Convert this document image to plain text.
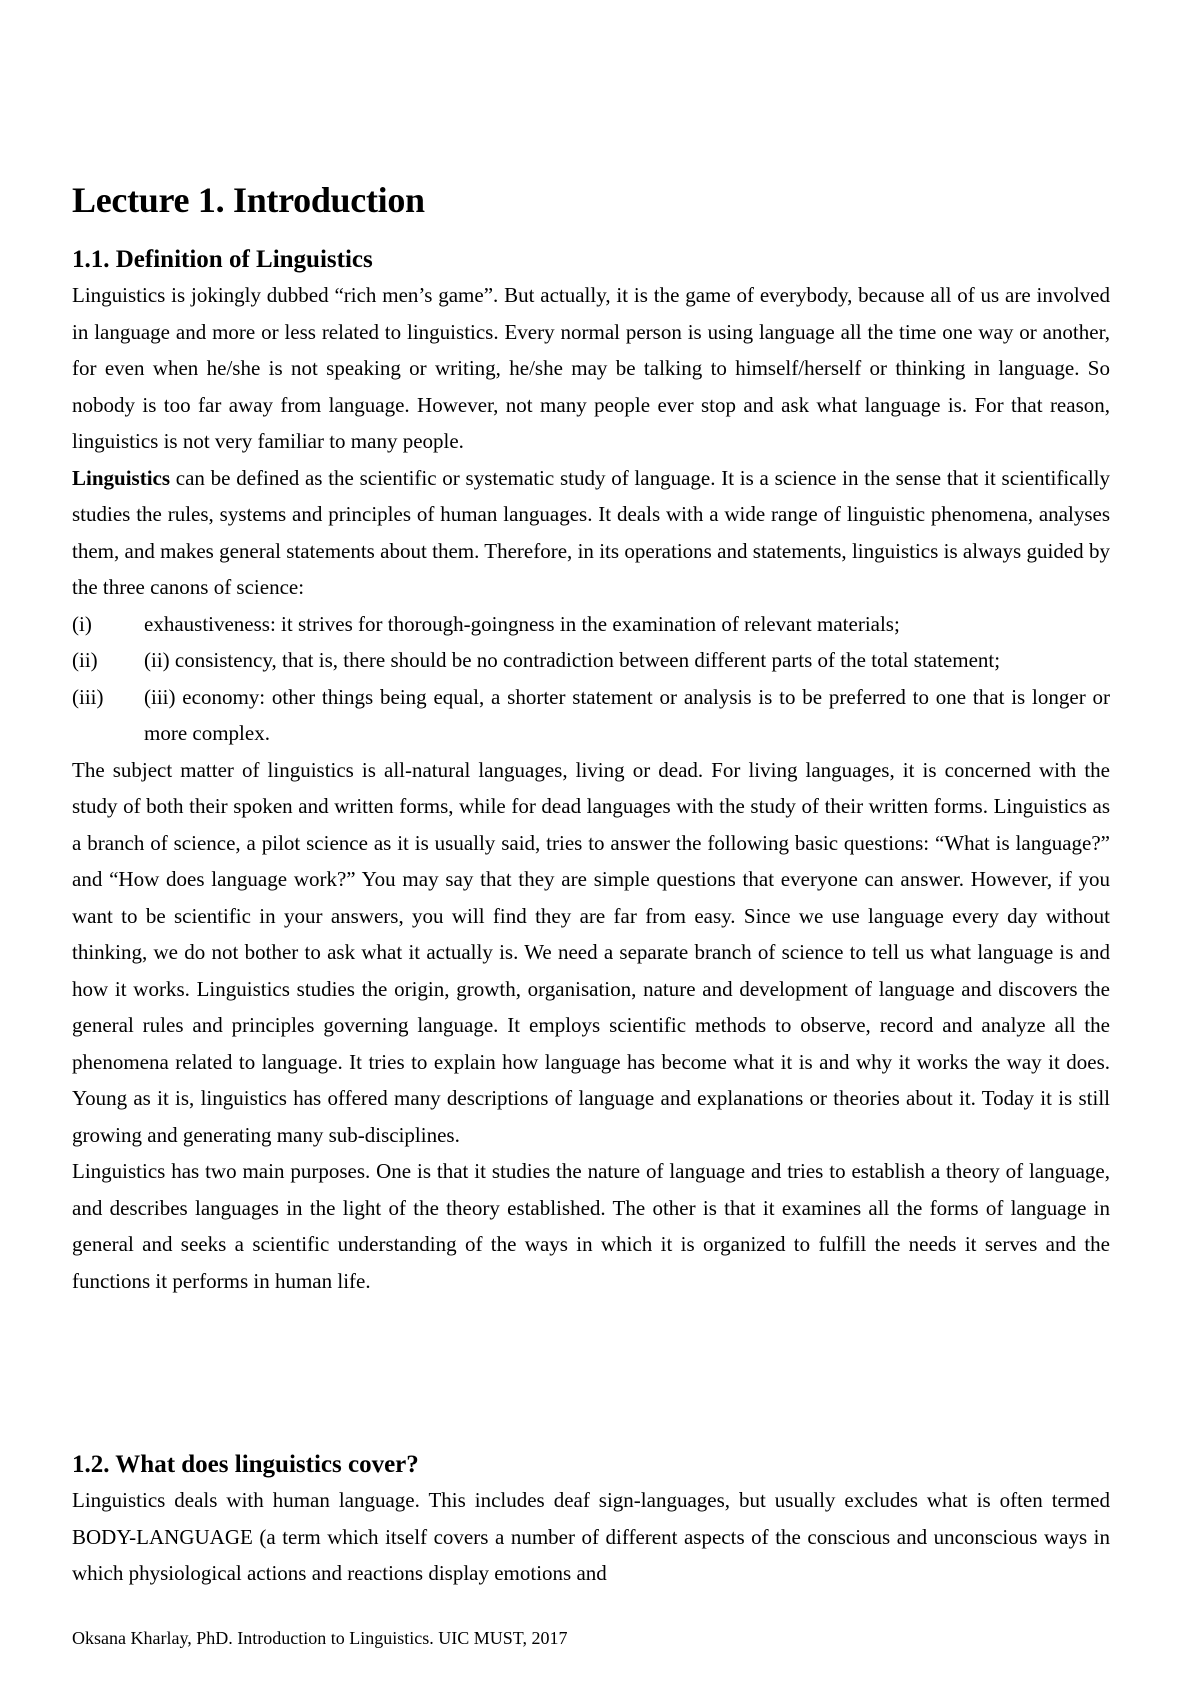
Lecture 1. Introduction
1.1. Definition of Linguistics

Linguistics is jokingly dubbed “rich men’s game”. But actually, it is the game of everybody, because all of us are involved in language and more or less related to linguistics. Every normal person is using language all the time one way or another, for even when he/she is not speaking or writing, he/she may be talking to himself/herself or thinking in language. So nobody is too far away from language. However, not many people ever stop and ask what language is. For that reason, linguistics is not very familiar to many people.

Linguistics can be defined as the scientific or systematic study of language. It is a science in the sense that it scientifically studies the rules, systems and principles of human languages. It deals with a wide range of linguistic phenomena, analyses them, and makes general statements about them. Therefore, in its operations and statements, linguistics is always guided by the three canons of science:

(i)	exhaustiveness: it strives for thorough-goingness in the examination of relevant materials;
(ii)	(ii) consistency, that is, there should be no contradiction between different parts of the total statement;
(iii)	(iii) economy: other things being equal, a shorter statement or analysis is to be preferred to one that is longer or more complex.

The subject matter of linguistics is all-natural languages, living or dead. For living languages, it is concerned with the study of both their spoken and written forms, while for dead languages with the study of their written forms. Linguistics as a branch of science, a pilot science as it is usually said, tries to answer the following basic questions: “What is language?” and “How does language work?” You may say that they are simple questions that everyone can answer. However, if you want to be scientific in your answers, you will find they are far from easy. Since we use language every day without thinking, we do not bother to ask what it actually is. We need a separate branch of science to tell us what language is and how it works. Linguistics studies the origin, growth, organisation, nature and development of language and discovers the general rules and principles governing language. It employs scientific methods to observe, record and analyze all the phenomena related to language. It tries to explain how language has become what it is and why it works the way it does. Young as it is, linguistics has offered many descriptions of language and explanations or theories about it. Today it is still growing and generating many sub-disciplines.

Linguistics has two main purposes. One is that it studies the nature of language and tries to establish a theory of language, and describes languages in the light of the theory established. The other is that it examines all the forms of language in general and seeks a scientific understanding of the ways in which it is organized to fulfill the needs it serves and the functions it performs in human life.

1.2. What does linguistics cover?

Linguistics deals with human language. This includes deaf sign-languages, but usually excludes what is often termed BODY-LANGUAGE (a term which itself covers a number of different aspects of the conscious and unconscious ways in which physiological actions and reactions display emotions and

Oksana Kharlay, PhD. Introduction to Linguistics. UIC MUST, 2017
